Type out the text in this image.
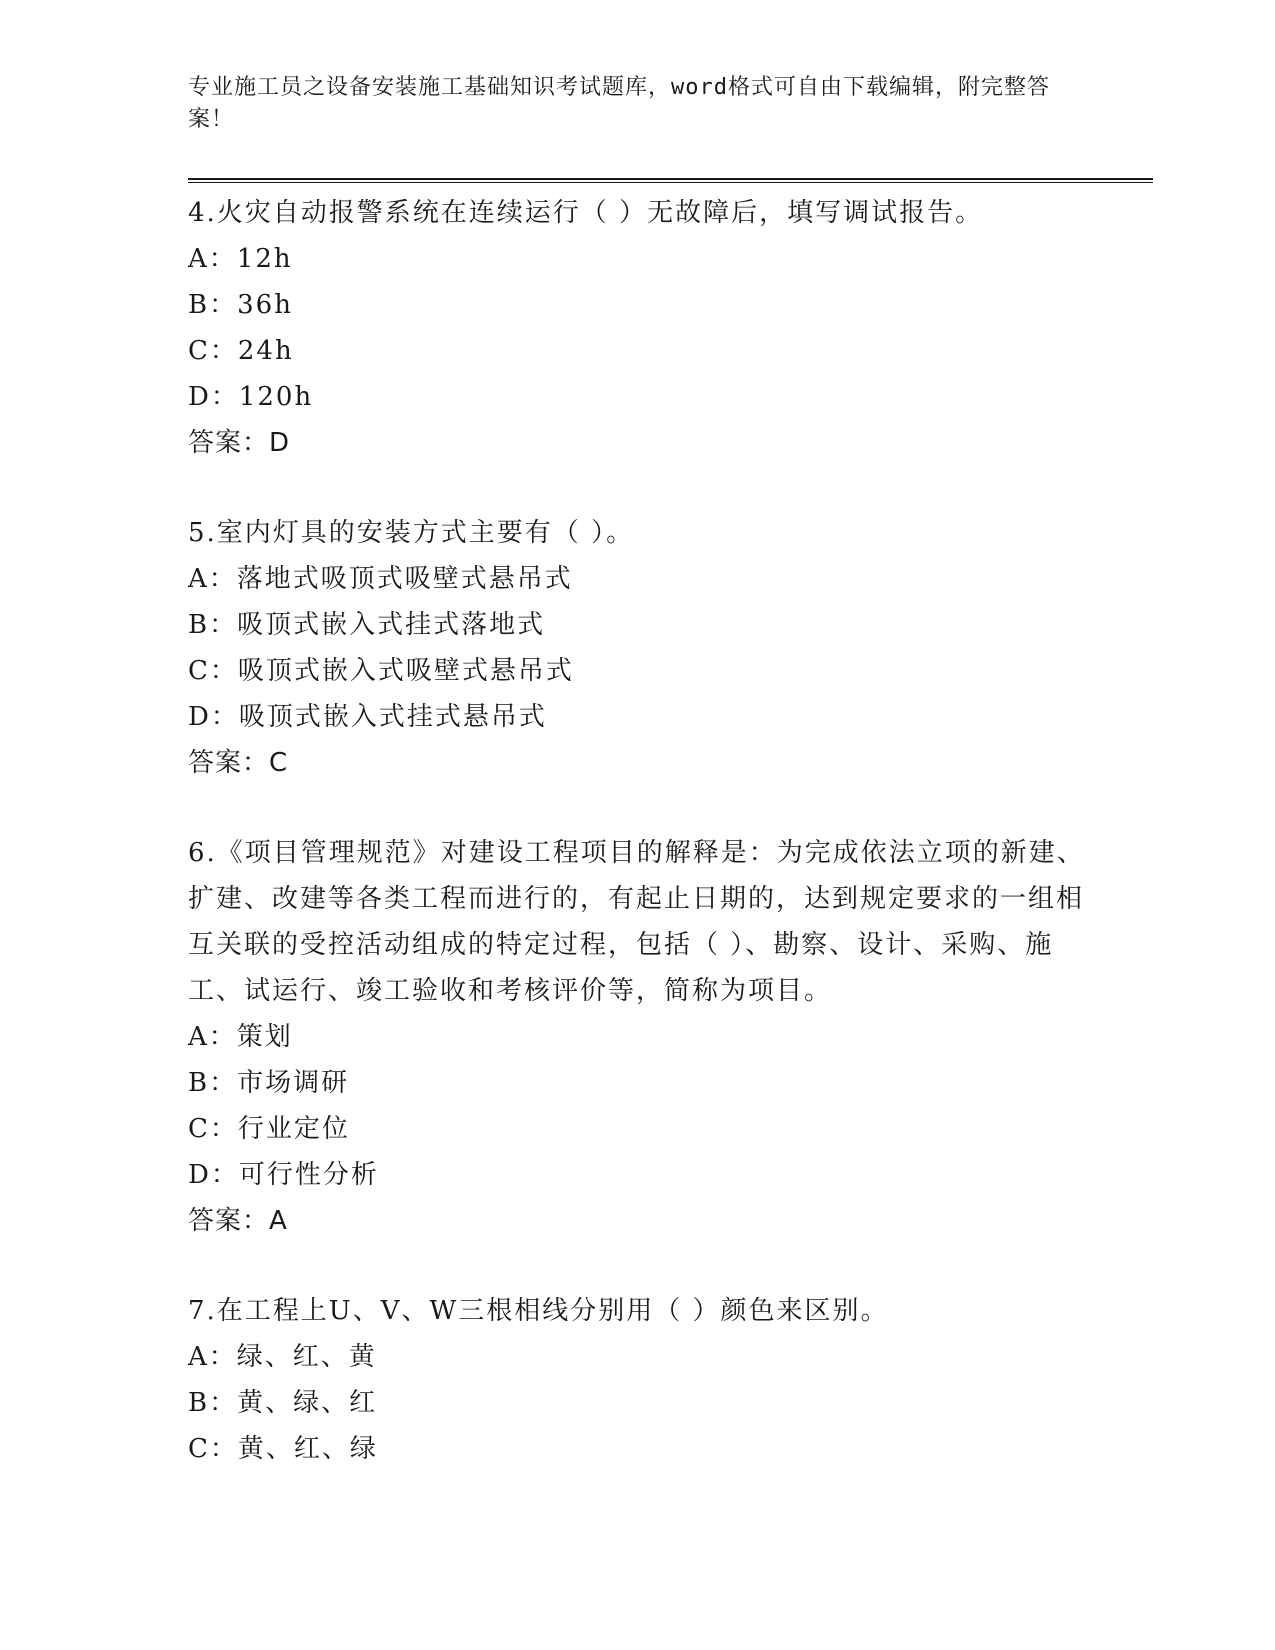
专业施工员之设备安装施工基础知识考试题库，word格式可自由下载编辑，附完整答案！
4.火灾自动报警系统在连续运行（ ）无故障后，填写调试报告。
A：12h
B：36h
C：24h
D：120h
答案：D
5.室内灯具的安装方式主要有（ ）。
A：落地式吸顶式吸壁式悬吊式
B：吸顶式嵌入式挂式落地式
C：吸顶式嵌入式吸壁式悬吊式
D：吸顶式嵌入式挂式悬吊式
答案：C
6.《项目管理规范》对建设工程项目的解释是：为完成依法立项的新建、扩建、改建等各类工程而进行的，有起止日期的，达到规定要求的一组相互关联的受控活动组成的特定过程，包括（ ）、勘察、设计、采购、施工、试运行、竣工验收和考核评价等，简称为项目。
A：策划
B：市场调研
C：行业定位
D：可行性分析
答案：A
7.在工程上U、V、W三根相线分别用（ ）颜色来区别。
A：绿、红、黄
B：黄、绿、红
C：黄、红、绿
